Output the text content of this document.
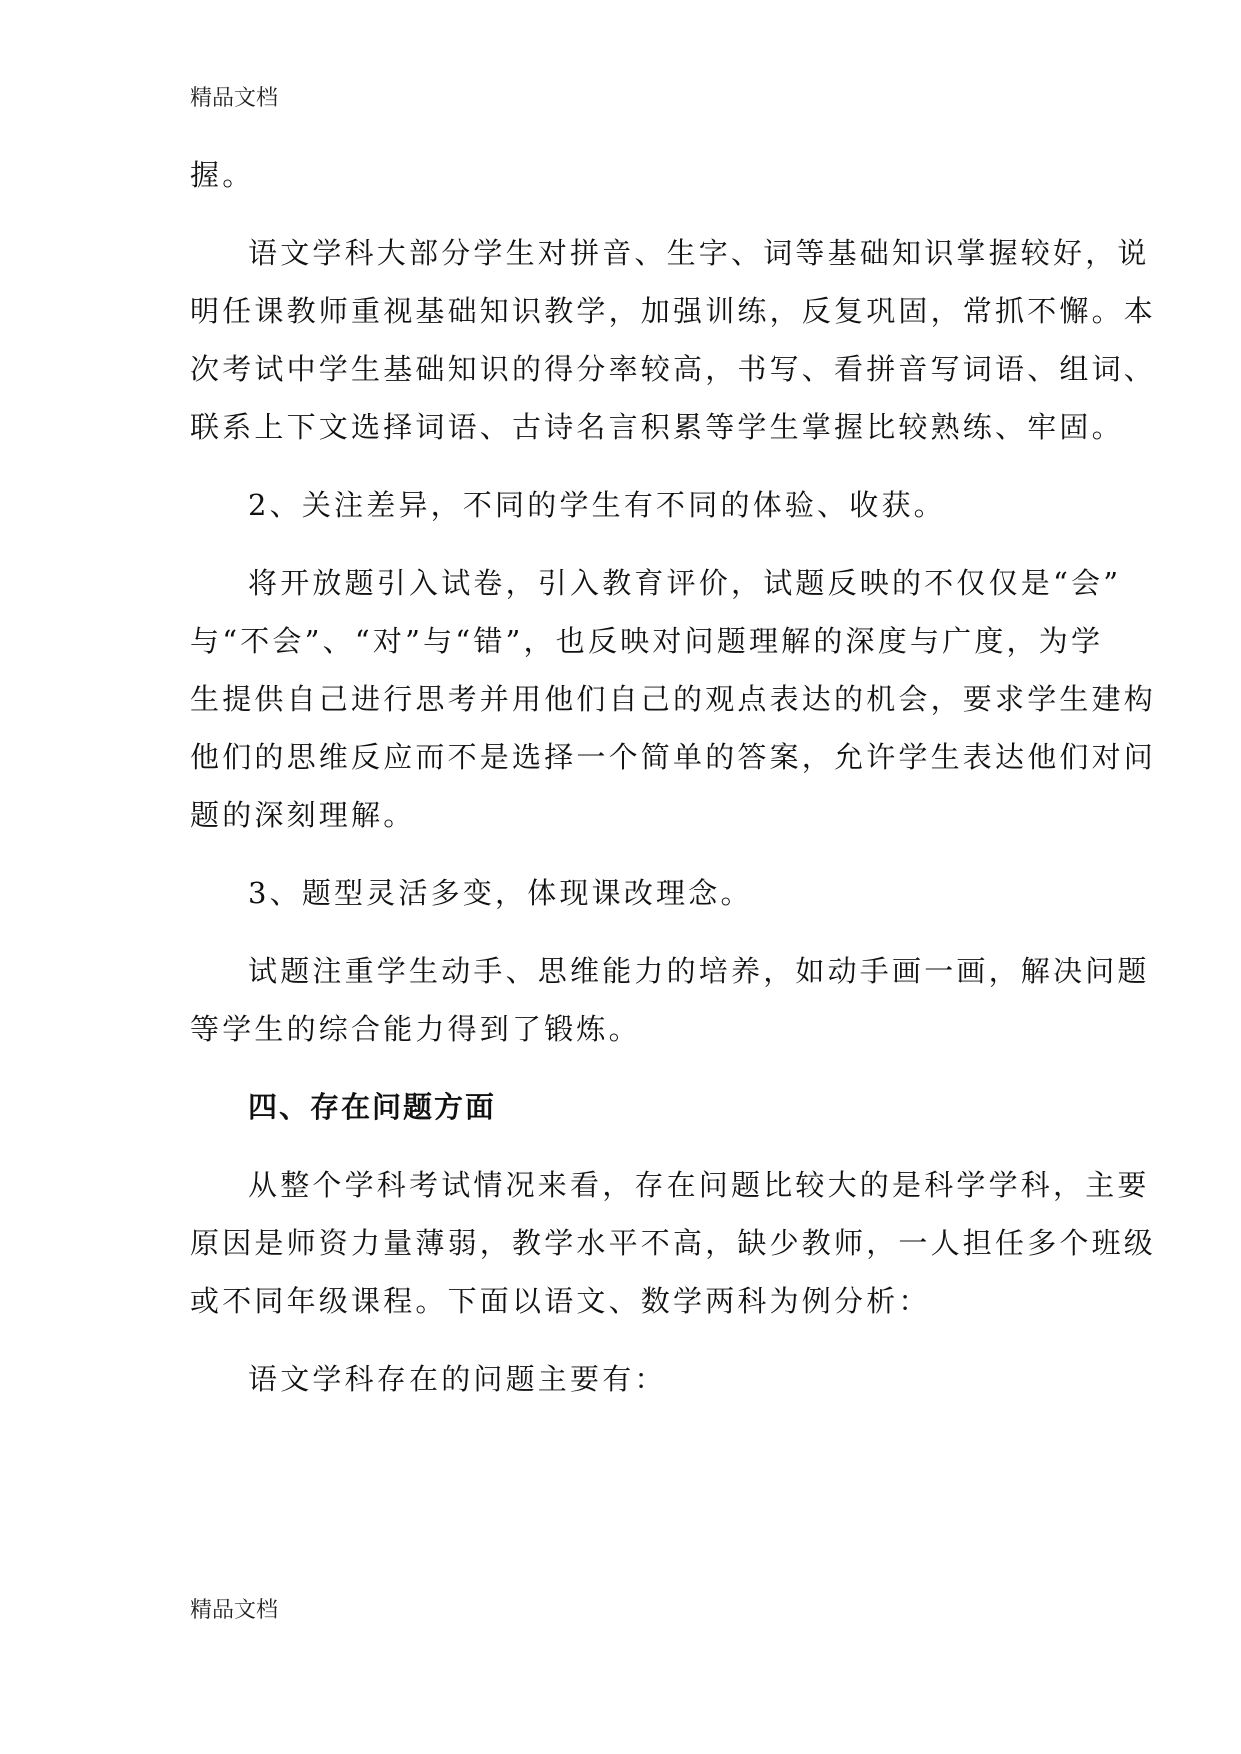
精品文档
握。
语文学科大部分学生对拼音、生字、词等基础知识掌握较好，说
明任课教师重视基础知识教学，加强训练，反复巩固，常抓不懈。本
次考试中学生基础知识的得分率较高，书写、看拼音写词语、组词、
联系上下文选择词语、古诗名言积累等学生掌握比较熟练、牢固。
2、关注差异，不同的学生有不同的体验、收获。
将开放题引入试卷，引入教育评价，试题反映的不仅仅是“会”
与“不会”、“对”与“错”，也反映对问题理解的深度与广度，为学
生提供自己进行思考并用他们自己的观点表达的机会，要求学生建构
他们的思维反应而不是选择一个简单的答案，允许学生表达他们对问
题的深刻理解。
3、题型灵活多变，体现课改理念。
试题注重学生动手、思维能力的培养，如动手画一画，解决问题
等学生的综合能力得到了锻炼。
四、存在问题方面
从整个学科考试情况来看，存在问题比较大的是科学学科，主要
原因是师资力量薄弱，教学水平不高，缺少教师，一人担任多个班级
或不同年级课程。下面以语文、数学两科为例分析：
语文学科存在的问题主要有：
精品文档
